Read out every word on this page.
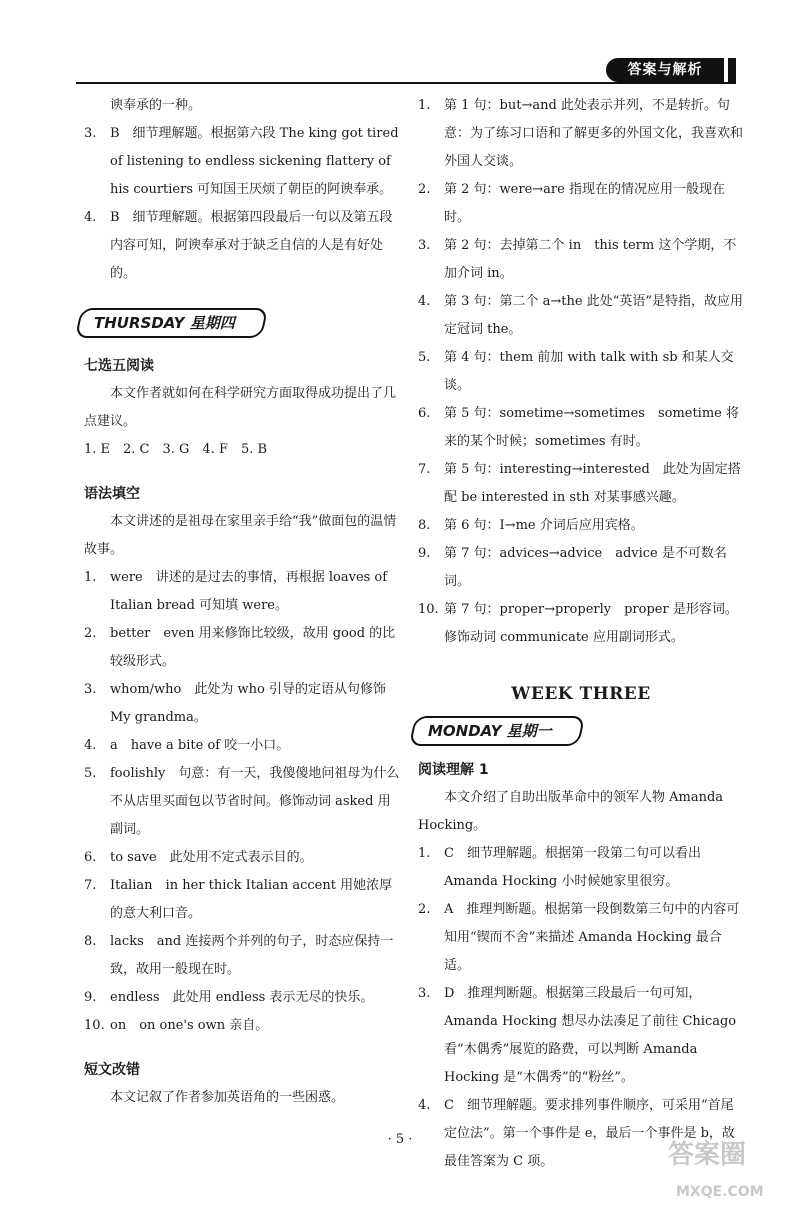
答案与解析
谀奉承的一种。
3.	B　细节理解题。根据第六段 The king got tired of listening to endless sickening flattery of his courtiers 可知国王厌烦了朝臣的阿谀奉承。
4.	B　细节理解题。根据第四段最后一句以及第五段内容可知，阿谀奉承对于缺乏自信的人是有好处的。
THURSDAY 星期四
七选五阅读
本文作者就如何在科学研究方面取得成功提出了几点建议。
1. E　2. C　3. G　4. F　5. B
语法填空
本文讲述的是祖母在家里亲手给“我”做面包的温情故事。
1.	were　讲述的是过去的事情，再根据 loaves of Italian bread 可知填 were。
2.	better　even 用来修饰比较级，故用 good 的比较级形式。
3.	whom/who　此处为 who 引导的定语从句修饰 My grandma。
4.	a　have a bite of 咬一小口。
5.	foolishly　句意：有一天，我傻傻地问祖母为什么不从店里买面包以节省时间。修饰动词 asked 用副词。
6.	to save　此处用不定式表示目的。
7.	Italian　in her thick Italian accent 用她浓厚的意大利口音。
8.	lacks　and 连接两个并列的句子，时态应保持一致，故用一般现在时。
9.	endless　此处用 endless 表示无尽的快乐。
10. on　on one's own 亲自。
短文改错
本文记叙了作者参加英语角的一些困惑。
1.	第 1 句：but→and 此处表示并列，不是转折。句意：为了练习口语和了解更多的外国文化，我喜欢和外国人交谈。
2.	第 2 句：were→are 指现在的情况应用一般现在时。
3.	第 2 句：去掉第二个 in　this term 这个学期，不加介词 in。
4.	第 3 句：第二个 a→the 此处“英语”是特指，故应用定冠词 the。
5.	第 4 句：them 前加 with talk with sb 和某人交谈。
6.	第 5 句：sometime→sometimes　sometime 将来的某个时候；sometimes 有时。
7.	第 5 句：interesting→interested　此处为固定搭配 be interested in sth 对某事感兴趣。
8.	第 6 句：I→me 介词后应用宾格。
9.	第 7 句：advices→advice　advice 是不可数名词。
10. 第 7 句：proper→properly　proper 是形容词。修饰动词 communicate 应用副词形式。
WEEK THREE
MONDAY 星期一
阅读理解 1
本文介绍了自助出版革命中的领军人物 Amanda Hocking。
1.	C　细节理解题。根据第一段第二句可以看出 Amanda Hocking 小时候她家里很穷。
2.	A　推理判断题。根据第一段倒数第三句中的内容可知用“锲而不舍”来描述 Amanda Hocking 最合适。
3.	D　推理判断题。根据第三段最后一句可知，Amanda Hocking 想尽办法凑足了前往 Chicago 看“木偶秀”展览的路费，可以判断 Amanda Hocking 是“木偶秀”的“粉丝”。
4.	C　细节理解题。要求排列事件顺序，可采用“首尾定位法”。第一个事件是 e，最后一个事件是 b，故最佳答案为 C 项。
· 5 ·
答案圈
MXQE.COM
